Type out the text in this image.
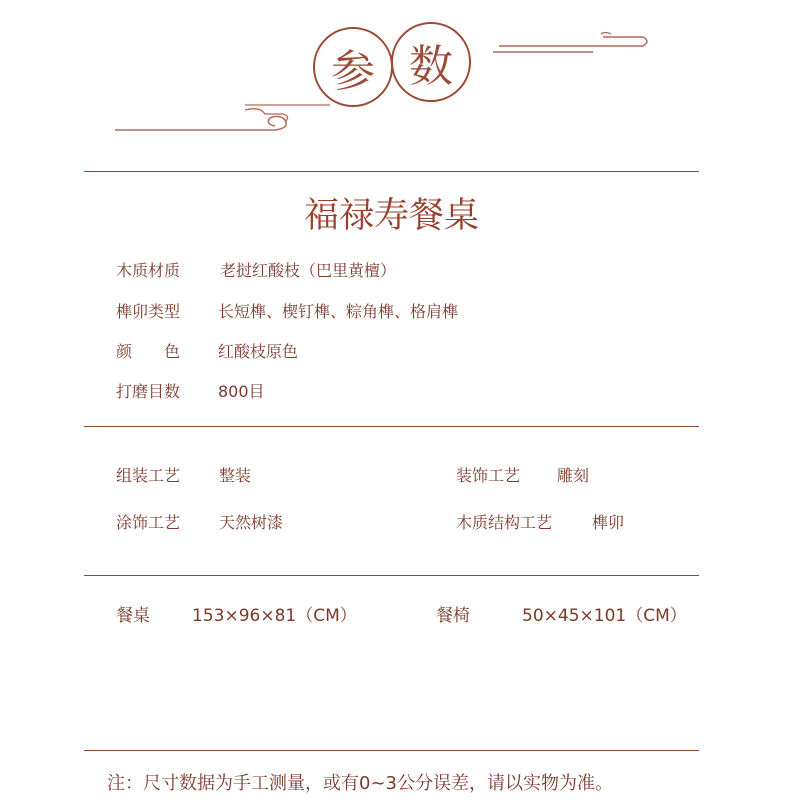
参 数
福禄寿餐桌
木质材质 老挝红酸枝（巴里黄檀）
榫卯类型 长短榫、楔钉榫、粽角榫、格肩榫
颜　　色 红酸枝原色
打磨目数 800目
组装工艺 整装	装饰工艺 雕刻
涂饰工艺 天然树漆	木质结构工艺 榫卯
餐桌 153×96×81（CM）	餐椅	50×45×101（CM）
注：尺寸数据为手工测量，或有0~3公分误差，请以实物为准。
